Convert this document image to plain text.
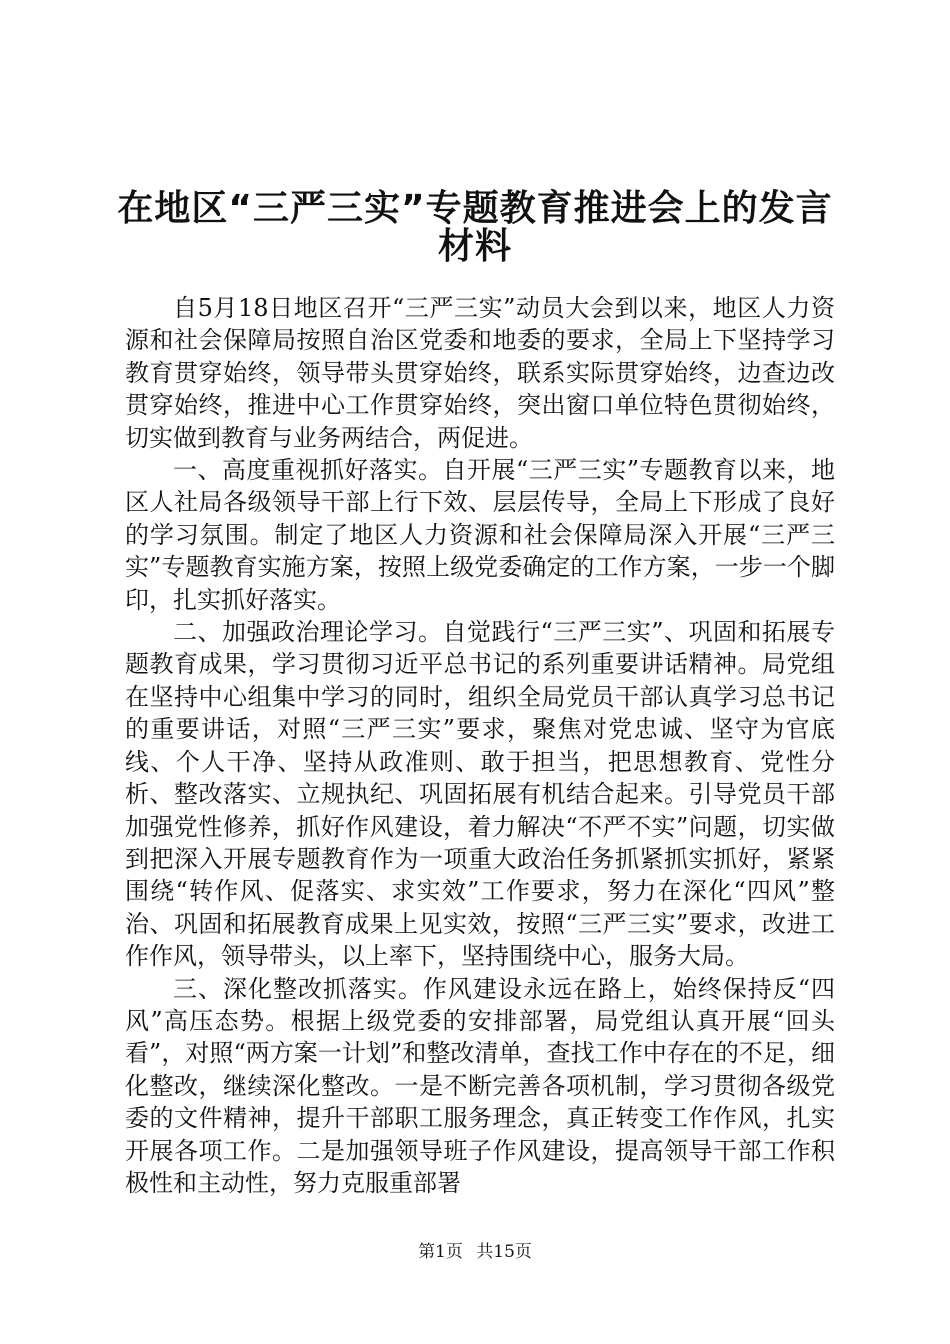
在地区“三严三实”专题教育推进会上的发言
材料

自5月18日地区召开“三严三实”动员大会到以来，地区人力资源和社会保障局按照自治区党委和地委的要求，全局上下坚持学习教育贯穿始终，领导带头贯穿始终，联系实际贯穿始终，边查边改贯穿始终，推进中心工作贯穿始终，突出窗口单位特色贯彻始终，切实做到教育与业务两结合，两促进。

一、高度重视抓好落实。自开展“三严三实”专题教育以来，地区人社局各级领导干部上行下效、层层传导，全局上下形成了良好的学习氛围。制定了地区人力资源和社会保障局深入开展“三严三实”专题教育实施方案，按照上级党委确定的工作方案，一步一个脚印，扎实抓好落实。

二、加强政治理论学习。自觉践行“三严三实”、巩固和拓展专题教育成果，学习贯彻习近平总书记的系列重要讲话精神。局党组在坚持中心组集中学习的同时，组织全局党员干部认真学习总书记的重要讲话，对照“三严三实”要求，聚焦对党忠诚、坚守为官底线、个人干净、坚持从政准则、敢于担当，把思想教育、党性分析、整改落实、立规执纪、巩固拓展有机结合起来。引导党员干部加强党性修养，抓好作风建设，着力解决“不严不实”问题，切实做到把深入开展专题教育作为一项重大政治任务抓紧抓实抓好，紧紧围绕“转作风、促落实、求实效”工作要求，努力在深化“四风”整治、巩固和拓展教育成果上见实效，按照“三严三实”要求，改进工作作风，领导带头，以上率下，坚持围绕中心，服务大局。

三、深化整改抓落实。作风建设永远在路上，始终保持反“四风”高压态势。根据上级党委的安排部署，局党组认真开展“回头看”，对照“两方案一计划”和整改清单，查找工作中存在的不足，细化整改，继续深化整改。一是不断完善各项机制，学习贯彻各级党委的文件精神，提升干部职工服务理念，真正转变工作作风，扎实开展各项工作。二是加强领导班子作风建设，提高领导干部工作积极性和主动性，努力克服重部署

第1页 共15页
